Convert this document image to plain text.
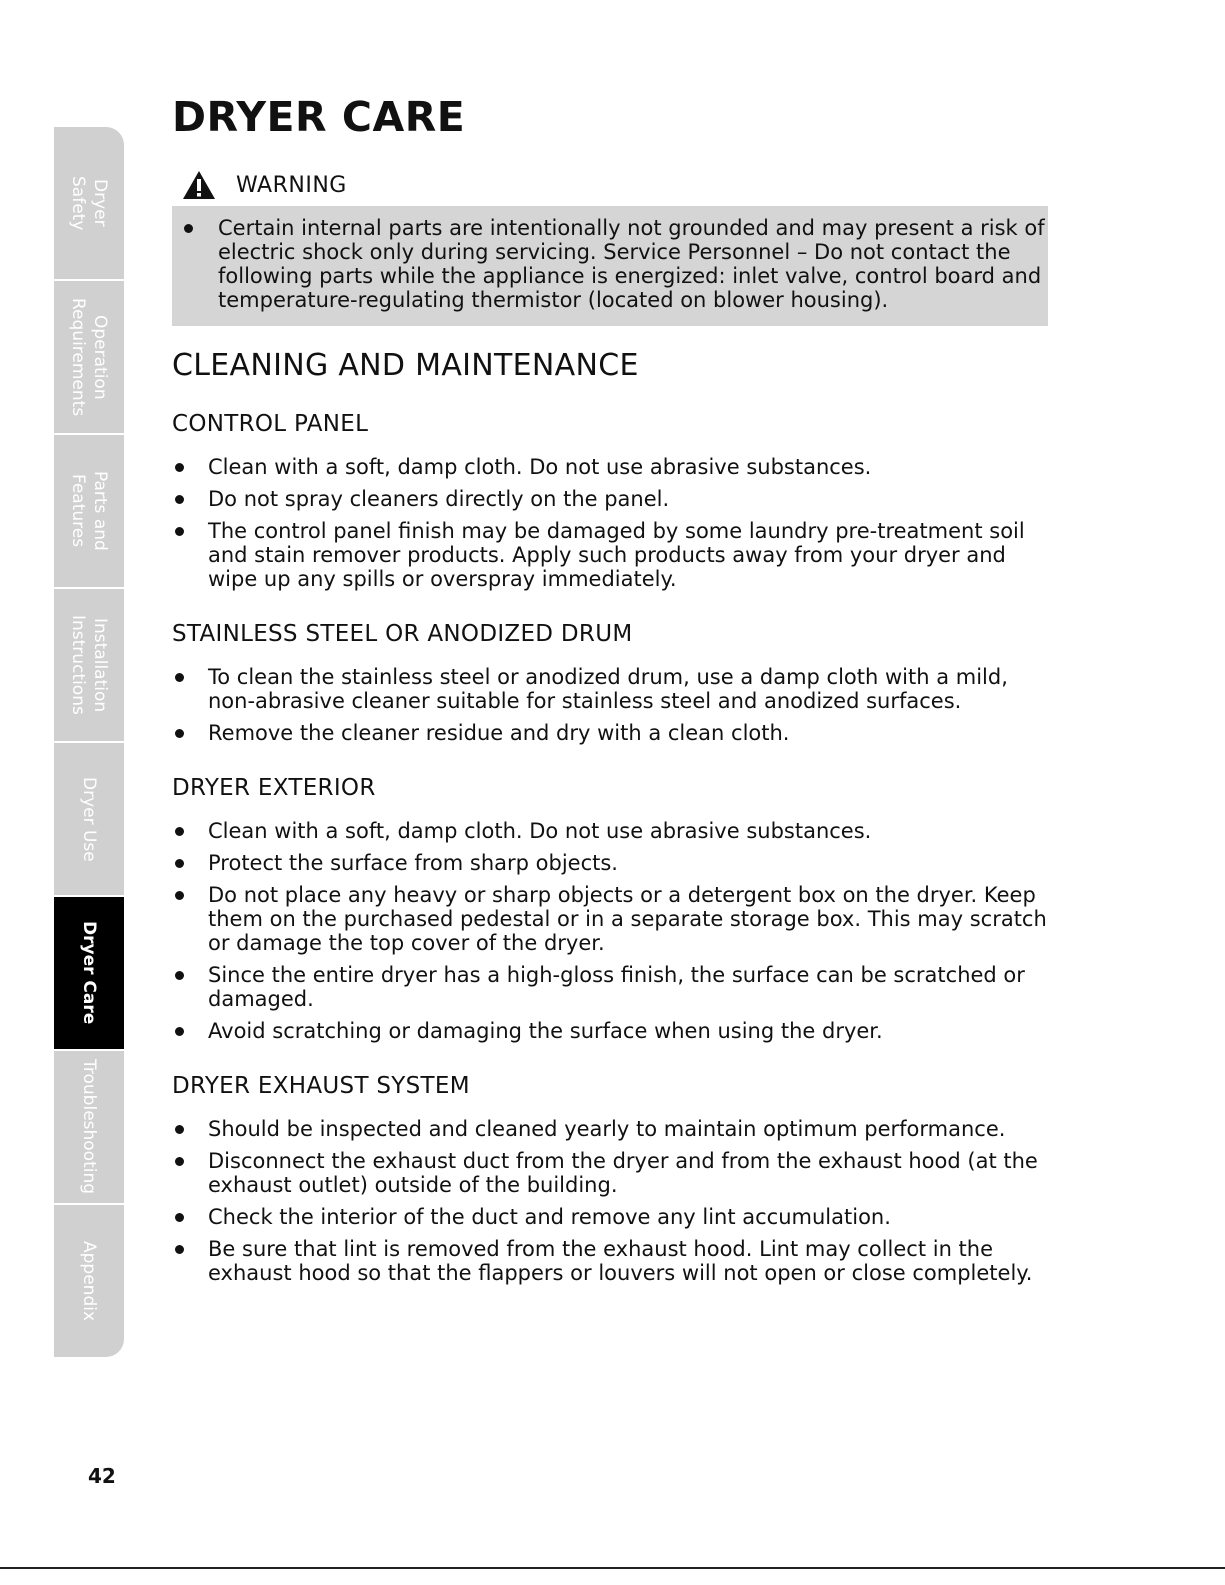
Dryer
Safety
Operation
Requirements
Parts and
Features
Installation
Instructions
Dryer Use
Dryer Care
Troubleshooting
Appendix
DRYER CARE
WARNING
Certain internal parts are intentionally not grounded and may present a risk of electric shock only during servicing. Service Personnel – Do not contact the following parts while the appliance is energized: inlet valve, control board and temperature-regulating thermistor (located on blower housing).
CLEANING AND MAINTENANCE
CONTROL PANEL
Clean with a soft, damp cloth. Do not use abrasive substances.
Do not spray cleaners directly on the panel.
The control panel finish may be damaged by some laundry pre-treatment soil and stain remover products. Apply such products away from your dryer and wipe up any spills or overspray immediately.
STAINLESS STEEL OR ANODIZED DRUM
To clean the stainless steel or anodized drum, use a damp cloth with a mild, non-abrasive cleaner suitable for stainless steel and anodized surfaces.
Remove the cleaner residue and dry with a clean cloth.
DRYER EXTERIOR
Clean with a soft, damp cloth. Do not use abrasive substances.
Protect the surface from sharp objects.
Do not place any heavy or sharp objects or a detergent box on the dryer. Keep them on the purchased pedestal or in a separate storage box. This may scratch or damage the top cover of the dryer.
Since the entire dryer has a high-gloss finish, the surface can be scratched or damaged.
Avoid scratching or damaging the surface when using the dryer.
DRYER EXHAUST SYSTEM
Should be inspected and cleaned yearly to maintain optimum performance.
Disconnect the exhaust duct from the dryer and from the exhaust hood (at the exhaust outlet) outside of the building.
Check the interior of the duct and remove any lint accumulation.
Be sure that lint is removed from the exhaust hood. Lint may collect in the exhaust hood so that the flappers or louvers will not open or close completely.
42
